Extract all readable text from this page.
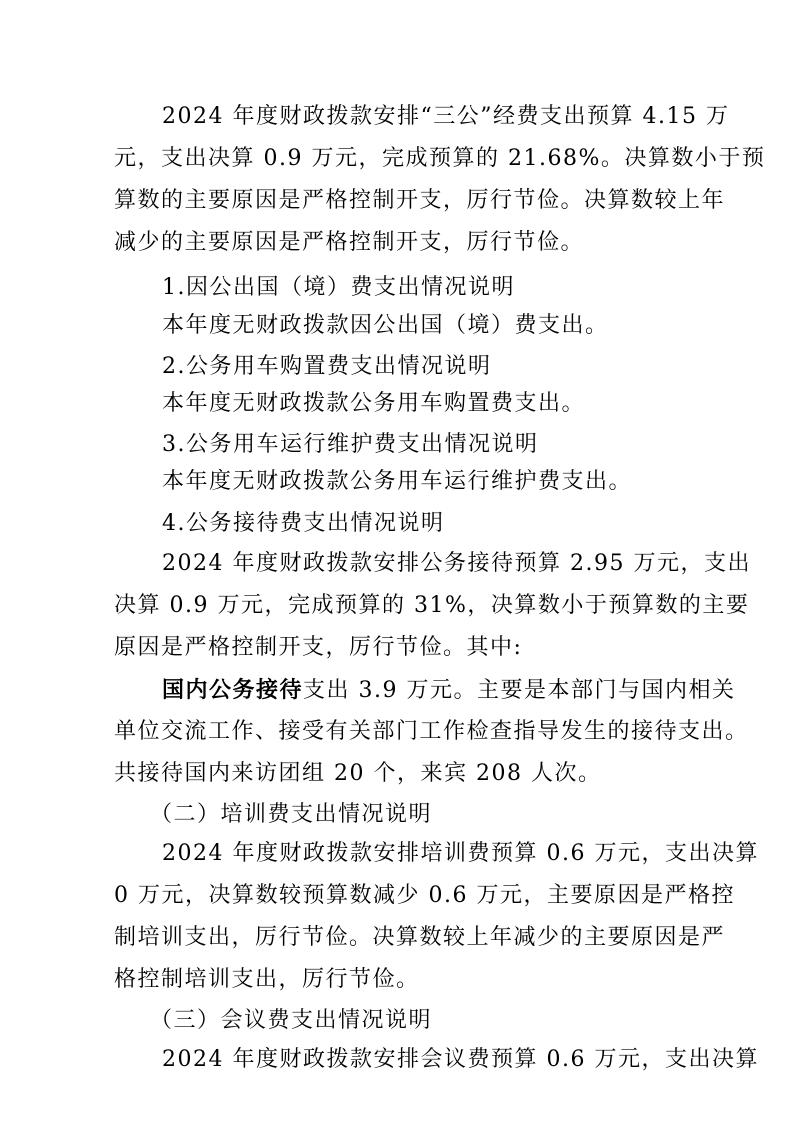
2024 年度财政拨款安排“三公”经费支出预算 4.15 万
元，支出决算 0.9 万元，完成预算的 21.68%。决算数小于预
算数的主要原因是严格控制开支，厉行节俭。决算数较上年
减少的主要原因是严格控制开支，厉行节俭。
1.因公出国（境）费支出情况说明
本年度无财政拨款因公出国（境）费支出。
2.公务用车购置费支出情况说明
本年度无财政拨款公务用车购置费支出。
3.公务用车运行维护费支出情况说明
本年度无财政拨款公务用车运行维护费支出。
4.公务接待费支出情况说明
2024 年度财政拨款安排公务接待预算 2.95 万元，支出
决算 0.9 万元，完成预算的 31%，决算数小于预算数的主要
原因是严格控制开支，厉行节俭。其中:
国内公务接待支出 3.9 万元。主要是本部门与国内相关
单位交流工作、接受有关部门工作检查指导发生的接待支出。
共接待国内来访团组 20 个，来宾 208 人次。
（二）培训费支出情况说明
2024 年度财政拨款安排培训费预算 0.6 万元，支出决算
0 万元，决算数较预算数减少 0.6 万元，主要原因是严格控
制培训支出，厉行节俭。决算数较上年减少的主要原因是严
格控制培训支出，厉行节俭。
（三）会议费支出情况说明
2024 年度财政拨款安排会议费预算 0.6 万元，支出决算
